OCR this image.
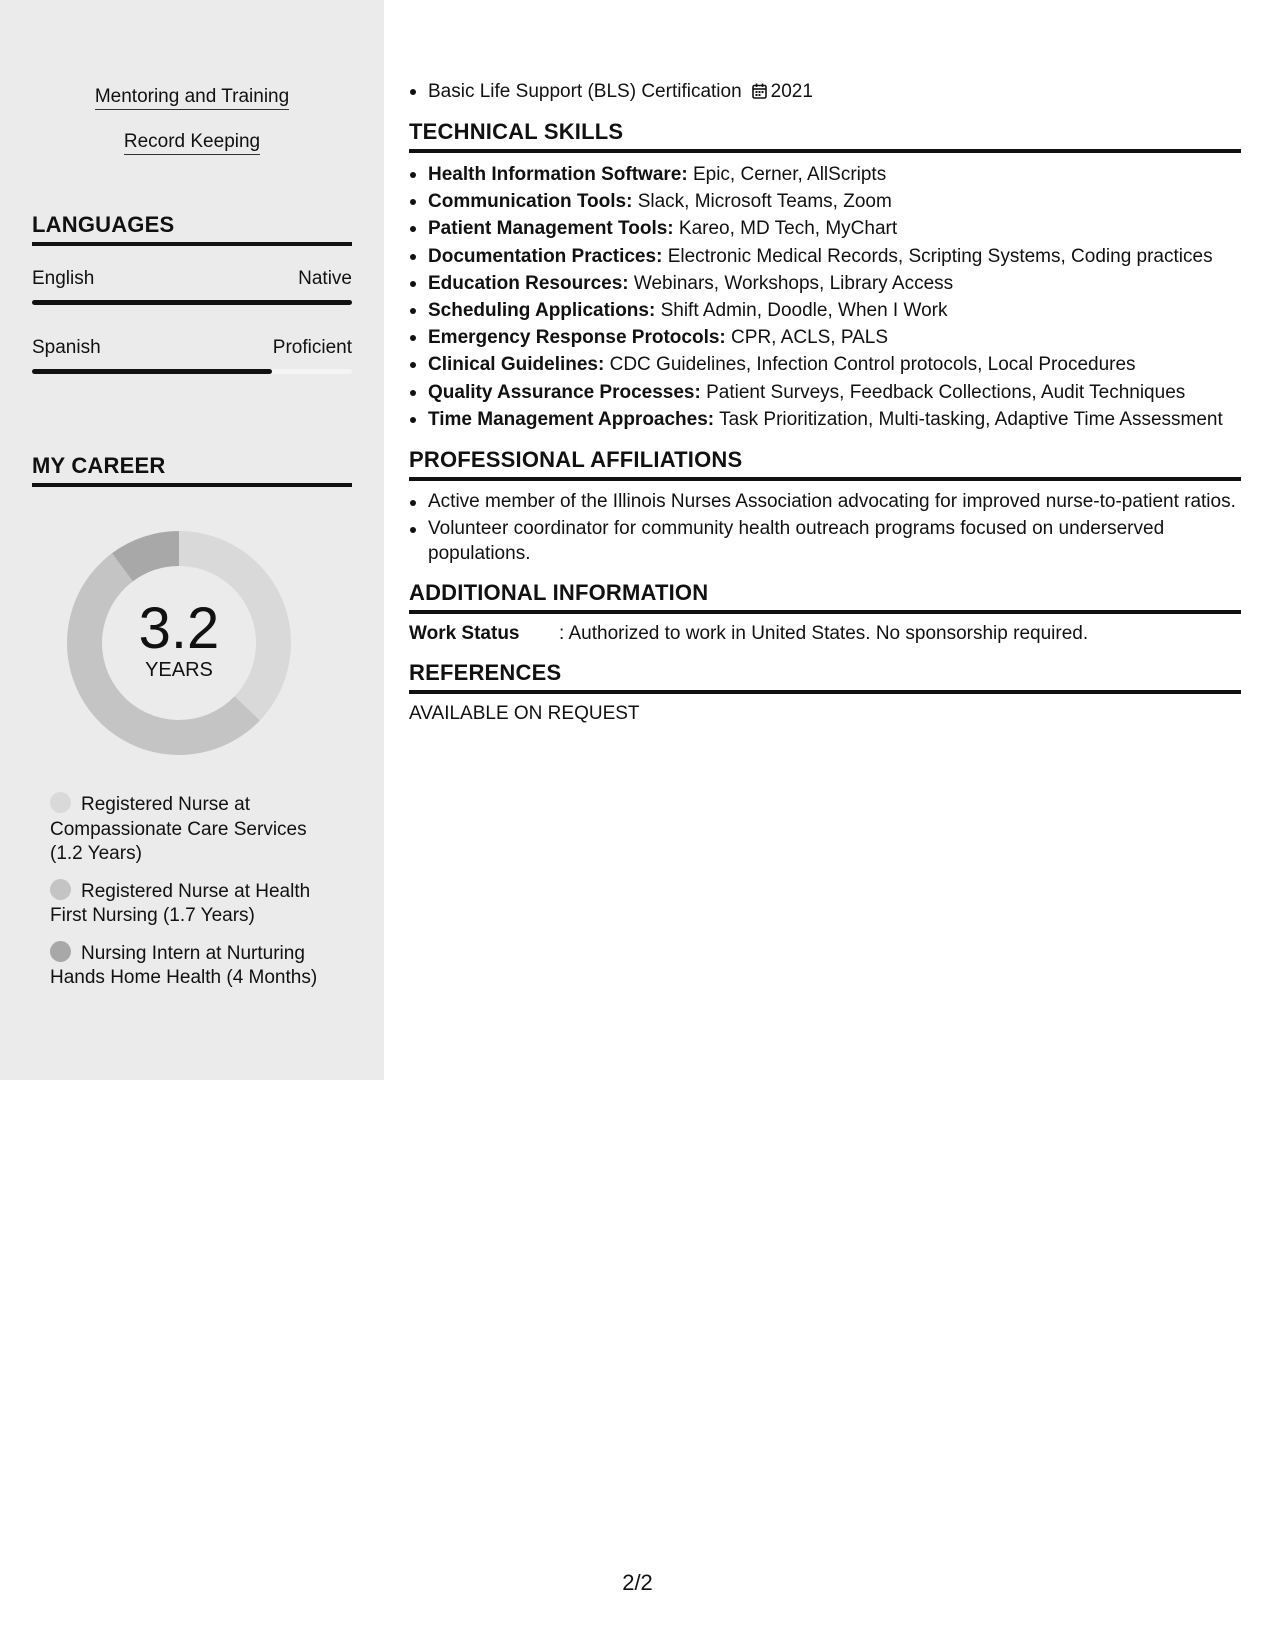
Mentoring and Training
Record Keeping
LANGUAGES
English	Native
Spanish	Proficient
MY CAREER
3.2
YEARS
Registered Nurse at Compassionate Care Services (1.2 Years)
Registered Nurse at Health First Nursing (1.7 Years)
Nursing Intern at Nurturing Hands Home Health (4 Months)
Basic Life Support (BLS) Certification 2021
TECHNICAL SKILLS
Health Information Software: Epic, Cerner, AllScripts
Communication Tools: Slack, Microsoft Teams, Zoom
Patient Management Tools: Kareo, MD Tech, MyChart
Documentation Practices: Electronic Medical Records, Scripting Systems, Coding practices
Education Resources: Webinars, Workshops, Library Access
Scheduling Applications: Shift Admin, Doodle, When I Work
Emergency Response Protocols: CPR, ACLS, PALS
Clinical Guidelines: CDC Guidelines, Infection Control protocols, Local Procedures
Quality Assurance Processes: Patient Surveys, Feedback Collections, Audit Techniques
Time Management Approaches: Task Prioritization, Multi-tasking, Adaptive Time Assessment
PROFESSIONAL AFFILIATIONS
Active member of the Illinois Nurses Association advocating for improved nurse-to-patient ratios.
Volunteer coordinator for community health outreach programs focused on underserved populations.
ADDITIONAL INFORMATION
Work Status	: Authorized to work in United States. No sponsorship required.
REFERENCES
AVAILABLE ON REQUEST
2/2
